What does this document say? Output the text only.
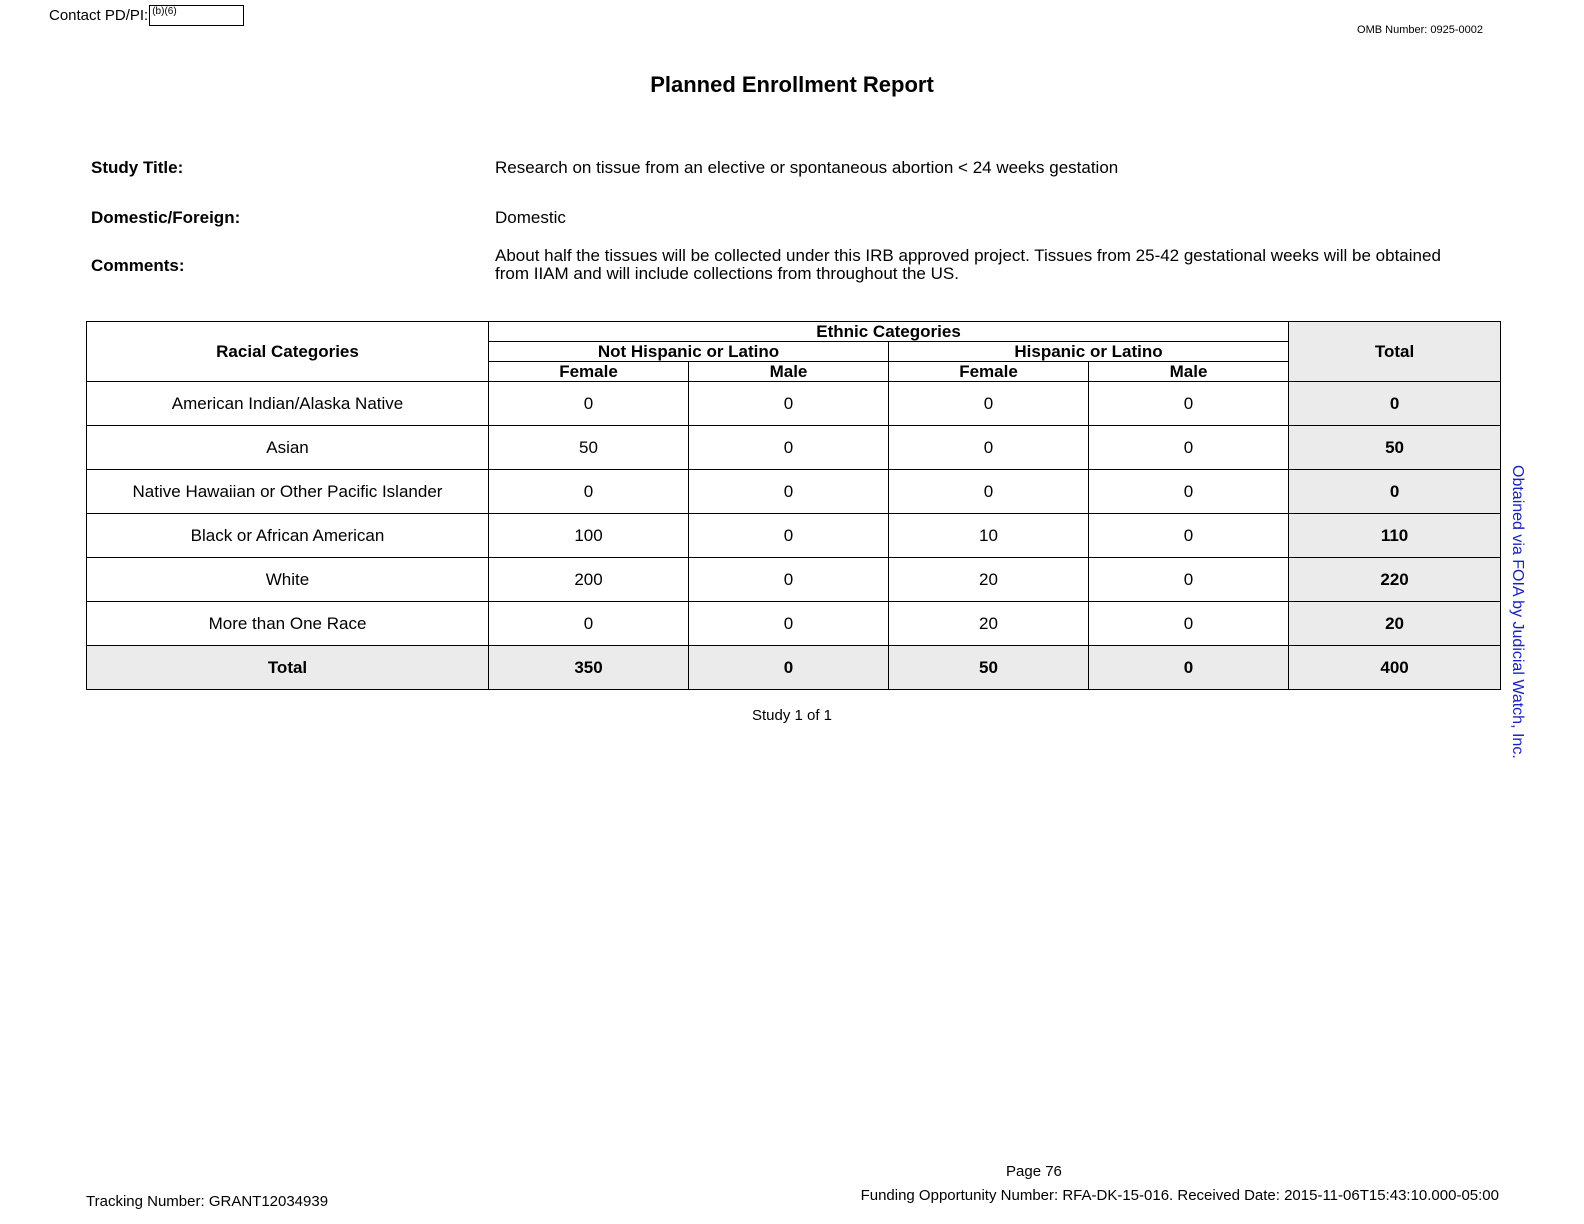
Contact PD/PI: (b)(6)
OMB Number: 0925-0002
Planned Enrollment Report
Study Title:	Research on tissue from an elective or spontaneous abortion < 24 weeks gestation
Domestic/Foreign:	Domestic
Comments:
About half the tissues will be collected under this IRB approved project. Tissues from 25-42 gestational weeks will be obtained from IIAM and will include collections from throughout the US.
Racial Categories	Ethnic Categories				Total
	Not Hispanic or Latino		Hispanic or Latino		
	Female	Male	Female	Male	
American Indian/Alaska Native	0	0	0	0	0
Asian	50	0	0	0	50
Native Hawaiian or Other Pacific Islander	0	0	0	0	0
Black or African American	100	0	10	0	110
White	200	0	20	0	220
More than One Race	0	0	20	0	20
Total	350	0	50	0	400
Study 1 of 1	Obtained via FOIA by Judicial Watch, Inc.
Page 76
Tracking Number: GRANT12034939	Funding Opportunity Number: RFA-DK-15-016. Received Date: 2015-11-06T15:43:10.000-05:00
